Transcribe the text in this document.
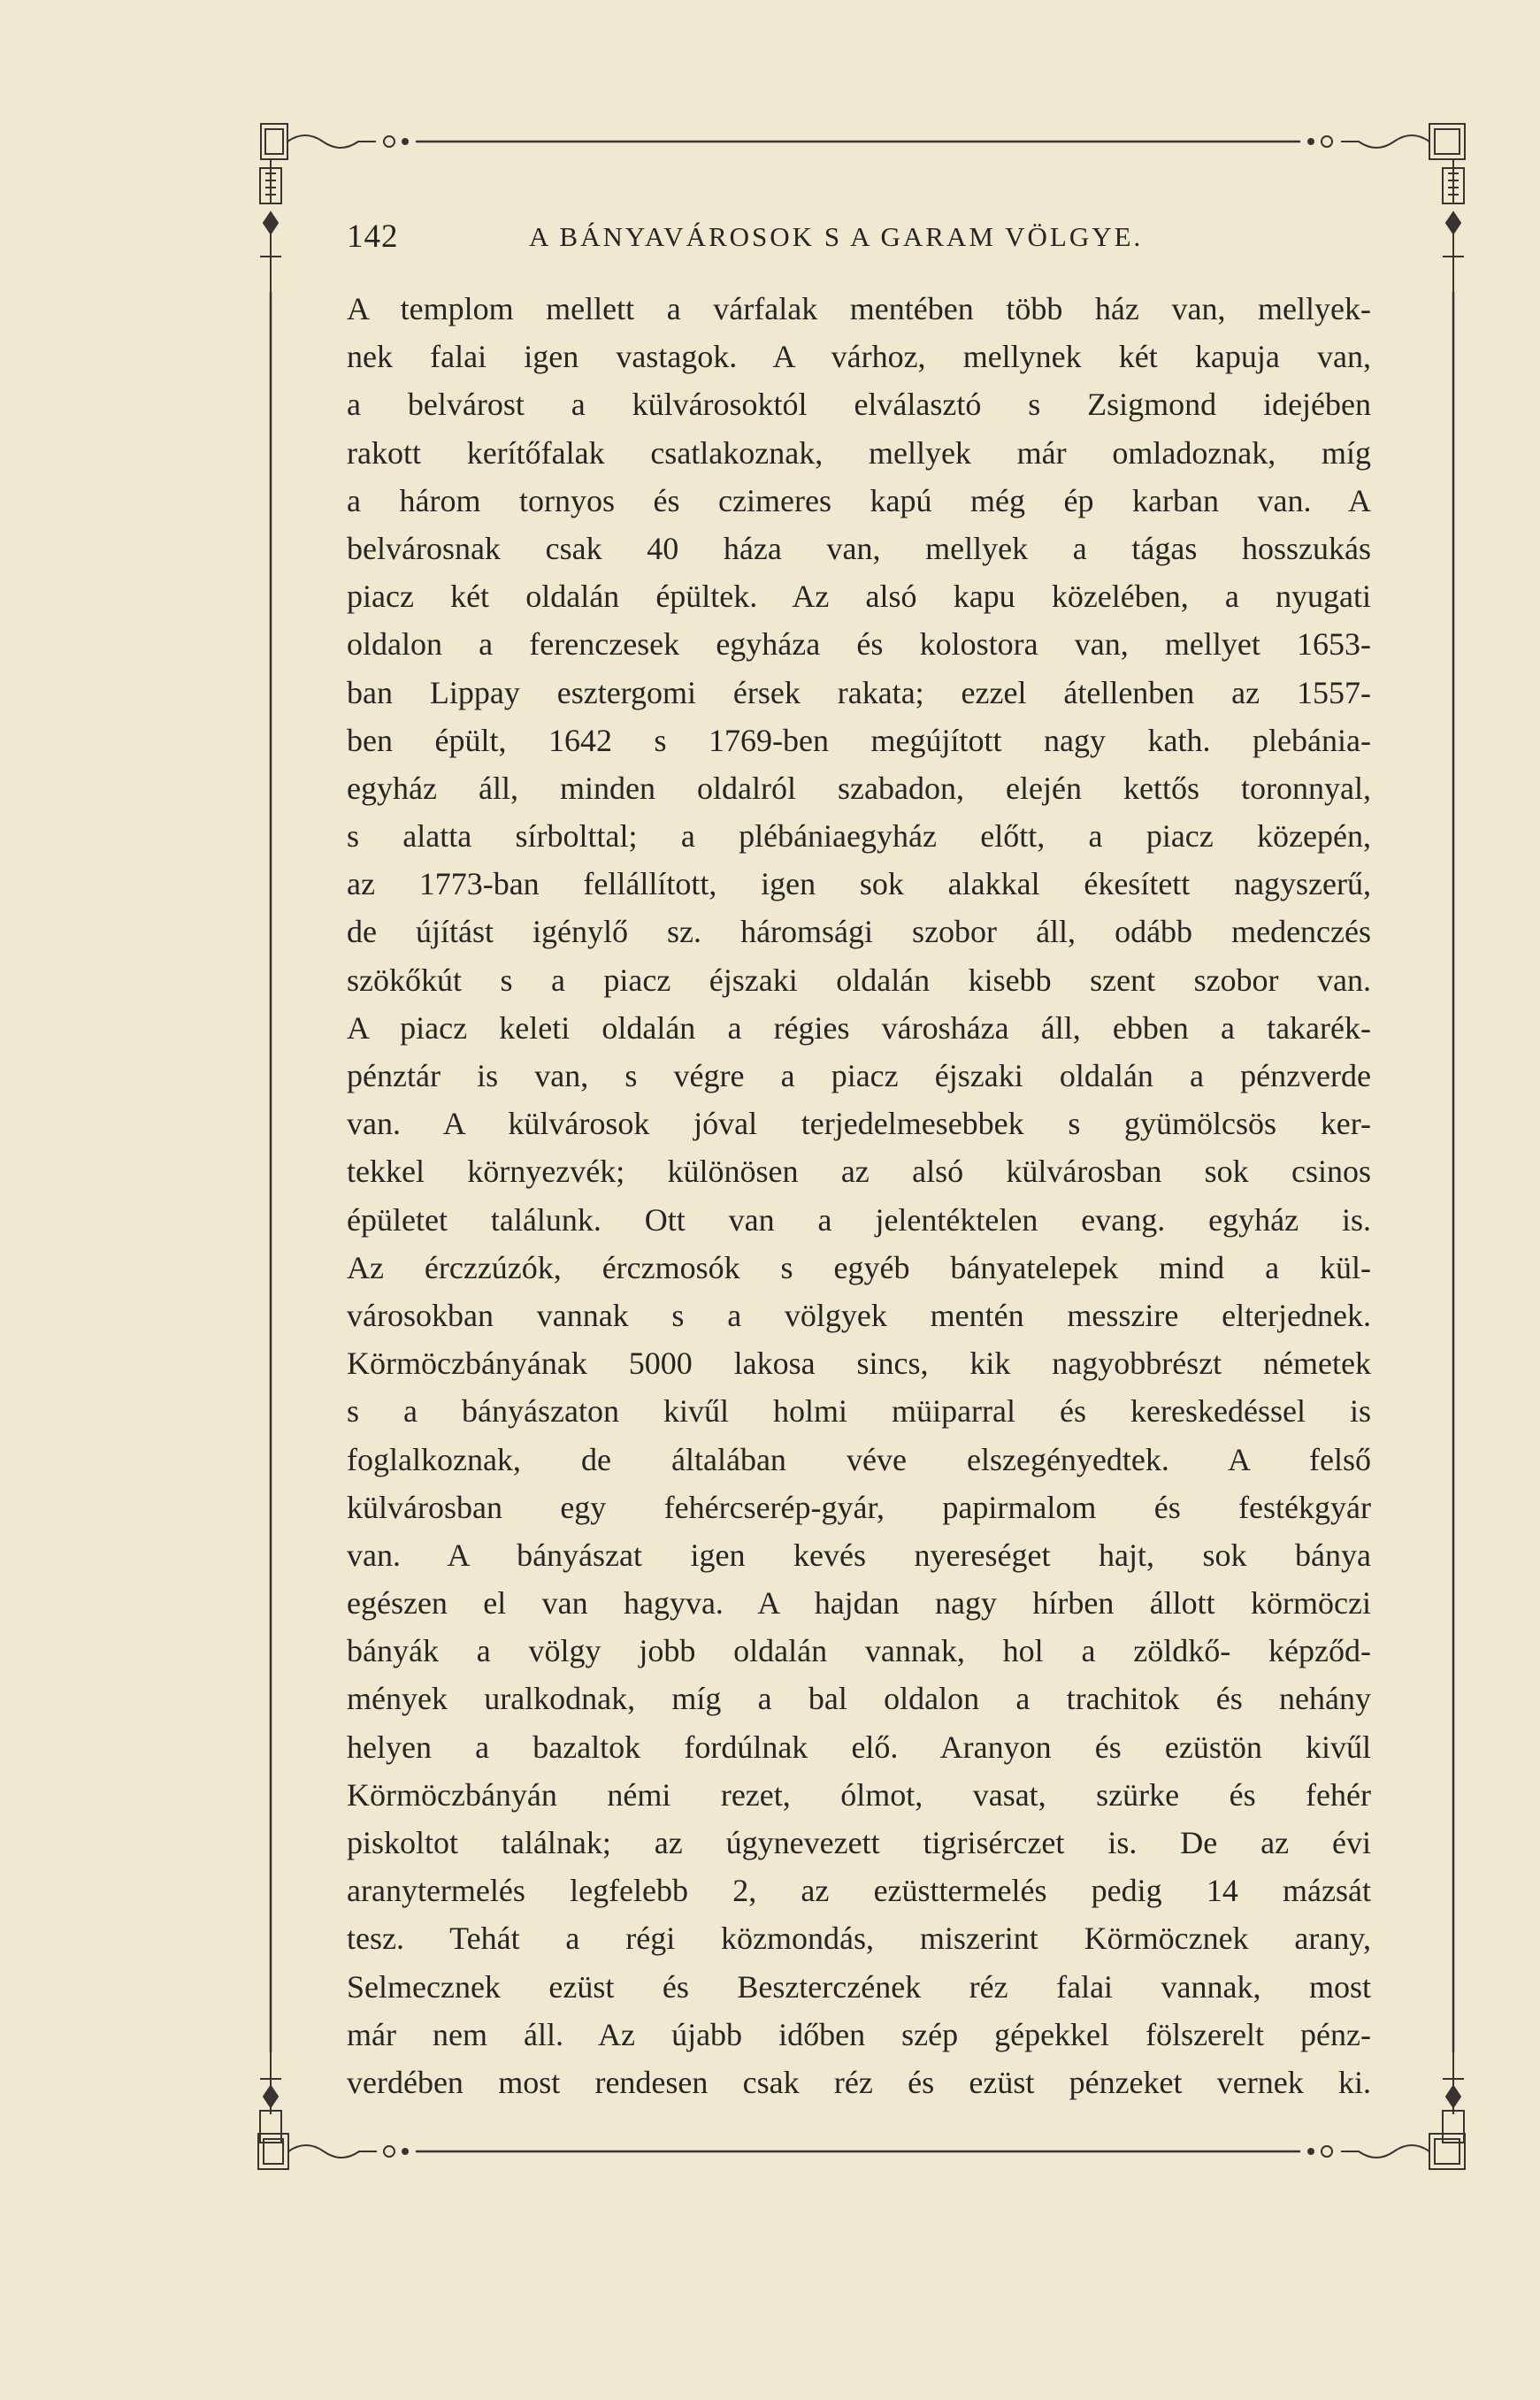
142	A BÁNYAVÁROSOK S A GARAM VÖLGYE.
A templom mellett a várfalak mentében több ház van, mellyek-
nek falai igen vastagok. A várhoz, mellynek két kapuja van,
a belvárost a külvárosoktól elválasztó s Zsigmond idejében
rakott kerítőfalak csatlakoznak, mellyek már omladoznak, míg
a három tornyos és czimeres kapú még ép karban van. A
belvárosnak csak 40 háza van, mellyek a tágas hosszukás
piacz két oldalán épültek. Az alsó kapu közelében, a nyugati
oldalon a ferenczesek egyháza és kolostora van, mellyet 1653-
ban Lippay esztergomi érsek rakata; ezzel átellenben az 1557-
ben épült, 1642 s 1769-ben megújított nagy kath. plebánia-
egyház áll, minden oldalról szabadon, elején kettős toronnyal,
s alatta sírbolttal; a plébániaegyház előtt, a piacz közepén,
az 1773-ban fellállított, igen sok alakkal ékesített nagyszerű,
de újítást igénylő sz. háromsági szobor áll, odább medenczés
szökőkút s a piacz éjszaki oldalán kisebb szent szobor van.
A piacz keleti oldalán a régies városháza áll, ebben a takarék-
pénztár is van, s végre a piacz éjszaki oldalán a pénzverde
van. A külvárosok jóval terjedelmesebbek s gyümölcsös ker-
tekkel környezvék; különösen az alsó külvárosban sok csinos
épületet találunk. Ott van a jelentéktelen evang. egyház is.
Az érczzúzók, érczmosók s egyéb bányatelepek mind a kül-
városokban vannak s a völgyek mentén messzire elterjednek.
Körmöczbányának 5000 lakosa sincs, kik nagyobbrészt németek
s a bányászaton kivűl holmi müiparral és kereskedéssel is
foglalkoznak, de általában véve elszegényedtek. A felső
külvárosban egy fehércserép-gyár, papirmalom és festékgyár
van. A bányászat igen kevés nyereséget hajt, sok bánya
egészen el van hagyva. A hajdan nagy hírben állott körmöczi
bányák a völgy jobb oldalán vannak, hol a zöldkő- képződ-
mények uralkodnak, míg a bal oldalon a trachitok és nehány
helyen a bazaltok fordúlnak elő. Aranyon és ezüstön kivűl
Körmöczbányán némi rezet, ólmot, vasat, szürke és fehér
piskoltot találnak; az úgynevezett tigrisérczet is. De az évi
aranytermelés legfelebb 2, az ezüsttermelés pedig 14 mázsát
tesz. Tehát a régi közmondás, miszerint Körmöcznek arany,
Selmecznek ezüst és Beszterczének réz falai vannak, most
már nem áll. Az újabb időben szép gépekkel fölszerelt pénz-
verdében most rendesen csak réz és ezüst pénzeket vernek ki.
